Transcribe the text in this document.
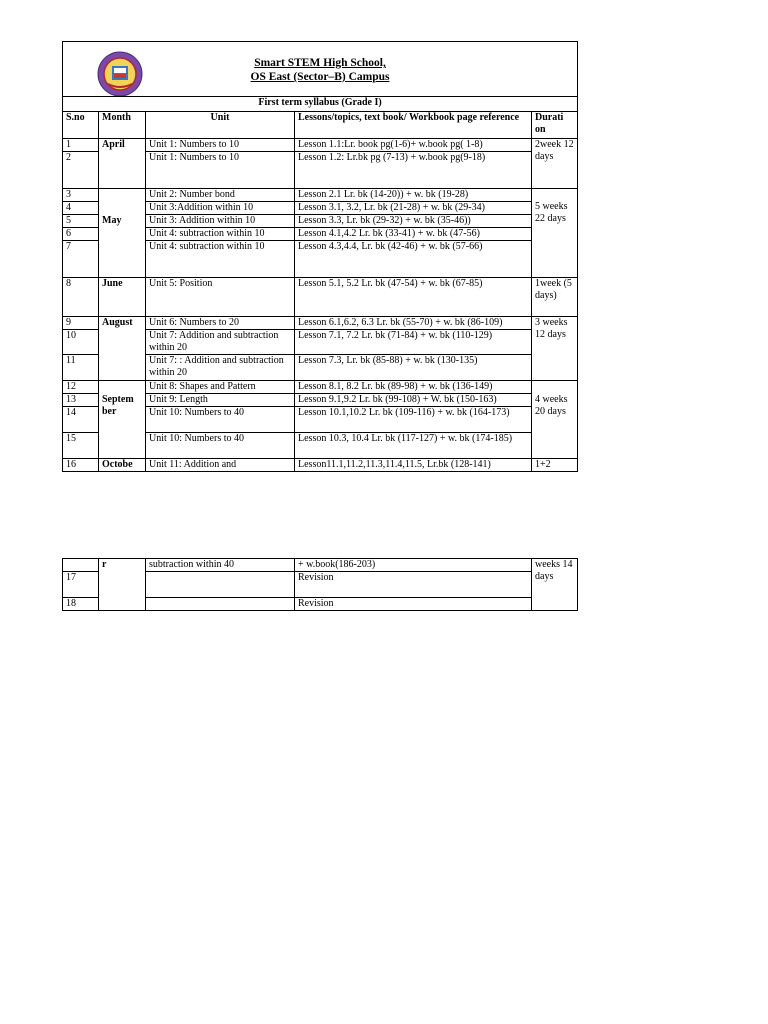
Smart STEM High School,
OS East (Sector–B) Campus				

First term syllabus (Grade I)				
S.no	Month	Unit	Lessons/topics, text book/ Workbook page reference	Durati on
1	April	Unit 1: Numbers to 10	Lesson 1.1:Lr. book pg(1-6)+ w.book pg( 1-8)	2week 12 days
2		Unit 1: Numbers to 10	Lesson 1.2: Lr.bk pg (7-13) + w.book pg(9-18)	
3	May	Unit 2: Number bond	Lesson 2.1 Lr. bk (14-20)) + w. bk (19-28)	5 weeks 22 days

4		Unit 3:Addition within 10	Lesson 3.1, 3.2, Lr. bk (21-28) + w. bk (29-34)	
5		Unit 3: Addition within 10	Lesson 3.3, Lr. bk (29-32) + w. bk (35-46))	
6		Unit 4: subtraction within 10	Lesson 4.1,4.2 Lr. bk (33-41) + w. bk (47-56)	
7		Unit 4: subtraction within 10	Lesson 4.3,4.4, Lr. bk (42-46) + w. bk (57-66)	
8	June	Unit 5: Position	Lesson 5.1, 5.2 Lr. bk (47-54) + w. bk (67-85)	1week (5 days)
9	August	Unit 6: Numbers to 20	Lesson 6.1,6.2, 6.3 Lr. bk (55-70) + w. bk (86-109)	3 weeks 12 days
10		Unit 7: Addition and subtraction within 20	Lesson 7.1, 7.2 Lr. bk (71-84) + w. bk (110-129)	
11		Unit 7: : Addition and subtraction within 20	Lesson 7.3, Lr. bk (85-88) + w. bk (130-135)	
12	Septem ber	Unit 8: Shapes and Pattern	Lesson 8.1, 8.2 Lr. bk (89-98) + w. bk (136-149)	4 weeks 20 days

13		Unit 9: Length	Lesson 9.1,9.2 Lr. bk (99-108) + W. bk (150-163)	
14		Unit 10: Numbers to 40	Lesson 10.1,10.2 Lr. bk (109-116) + w. bk (164-173)	
15		Unit 10: Numbers to 40	Lesson 10.3, 10.4 Lr. bk (117-127) + w. bk (174-185)	
16	Octobe	Unit 11: Addition and	Lesson11.1,11.2,11.3,11.4,11.5, Lr.bk (128-141)	1+2
	r	subtraction within 40	+ w.book(186-203)	weeks 14 days
17			Revision	
18			Revision	
